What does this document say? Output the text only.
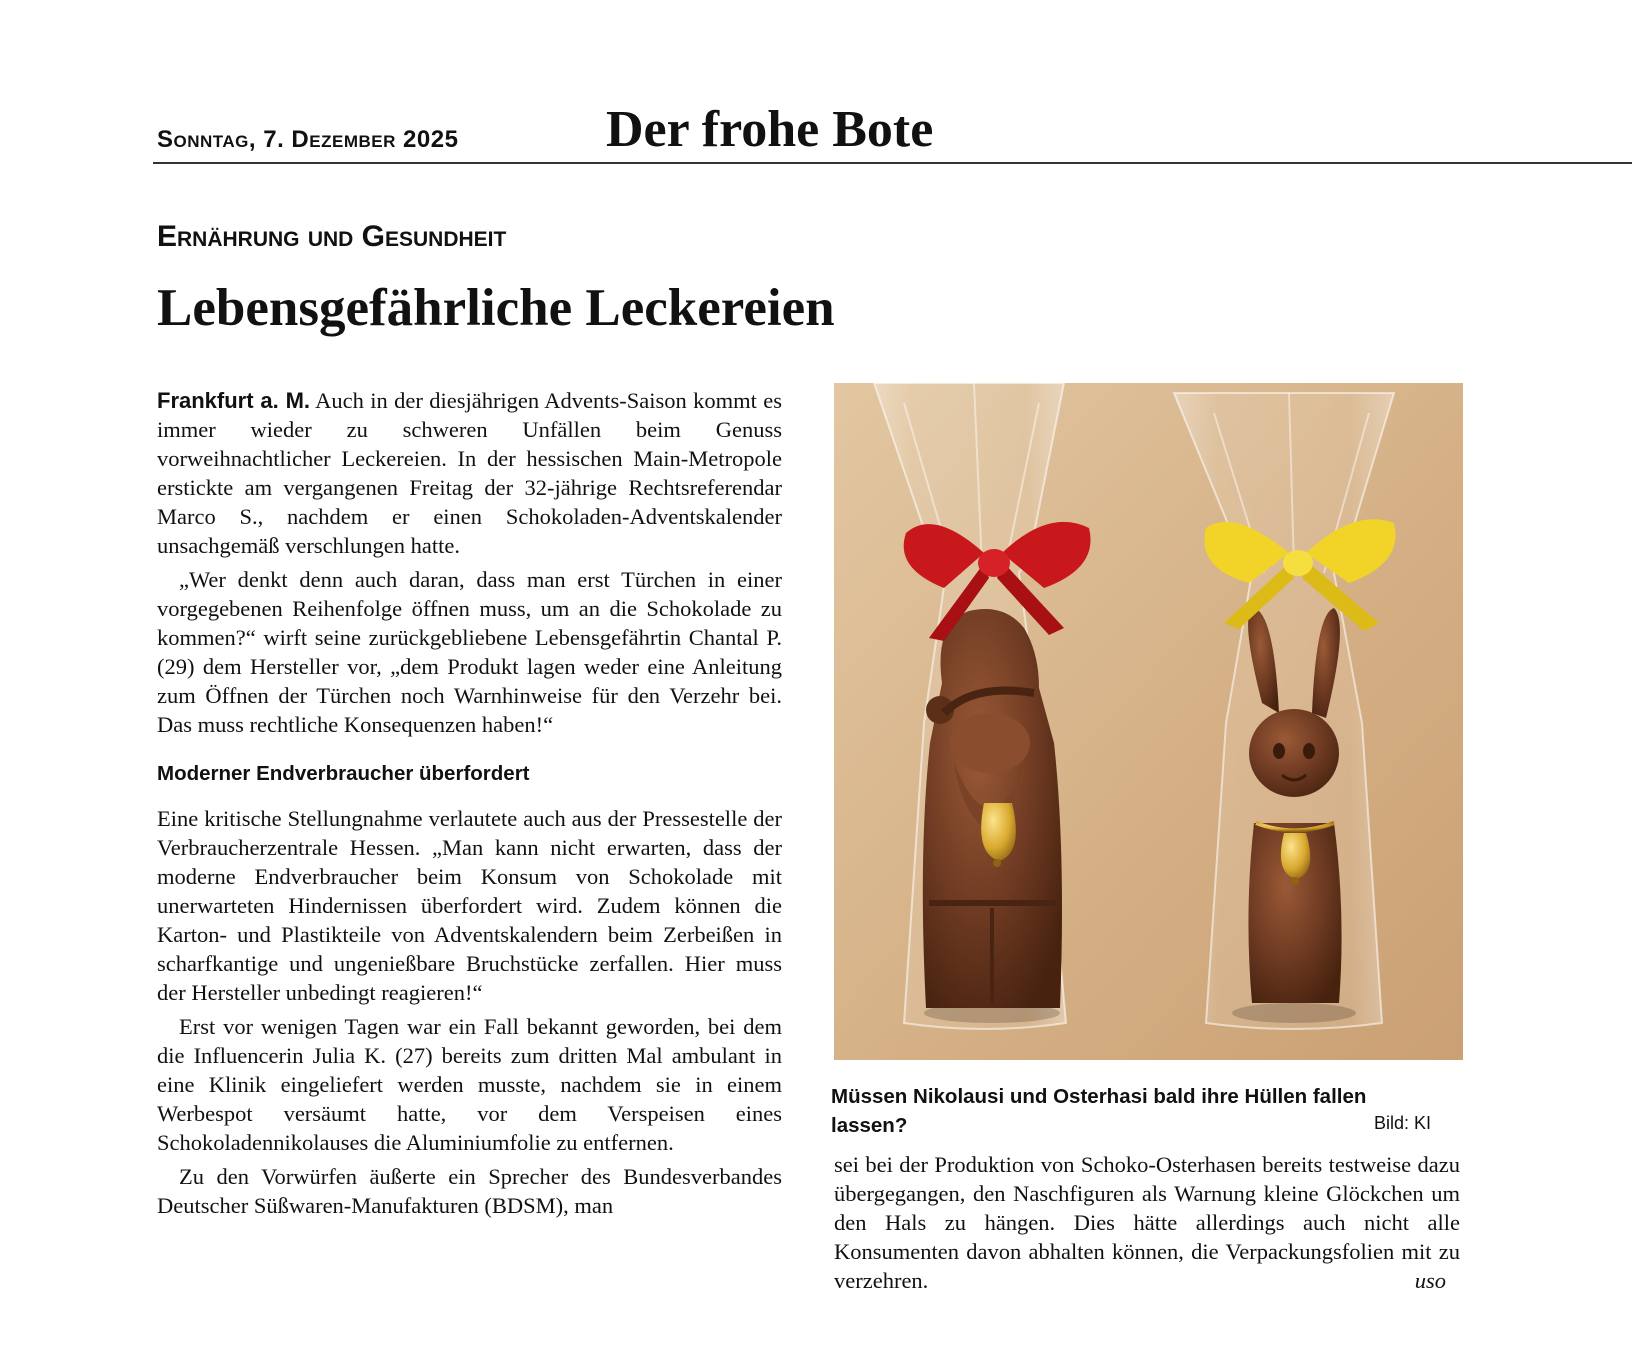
Sonntag, 7. Dezember 2025	Der frohe Bote
Ernährung und Gesundheit
Lebensgefährliche Leckereien

Frankfurt a. M. Auch in der diesjährigen Advents-Saison kommt es immer wieder zu schweren Unfällen beim Genuss vorweihnachtlicher Leckereien. In der hessischen Main-Metropole erstickte am vergangenen Freitag der 32-jährige Rechtsreferendar Marco S., nachdem er einen Schokoladen-Adventskalender unsachgemäß verschlungen hatte.

„Wer denkt denn auch daran, dass man erst Türchen in einer vorgegebenen Reihenfolge öffnen muss, um an die Schokolade zu kommen?“ wirft seine zurückgebliebene Lebensgefährtin Chantal P. (29) dem Hersteller vor, „dem Produkt lagen weder eine Anleitung zum Öffnen der Türchen noch Warnhinweise für den Verzehr bei. Das muss rechtliche Konsequenzen haben!“

Moderner Endverbraucher überfordert

Eine kritische Stellungnahme verlautete auch aus der Pressestelle der Verbraucherzentrale Hessen. „Man kann nicht erwarten, dass der moderne Endverbraucher beim Konsum von Schokolade mit unerwarteten Hindernissen überfordert wird. Zudem können die Karton- und Plastikteile von Adventskalendern beim Zerbeißen in scharfkantige und ungenießbare Bruchstücke zerfallen. Hier muss der Hersteller unbedingt reagieren!“

Erst vor wenigen Tagen war ein Fall bekannt geworden, bei dem die Influencerin Julia K. (27) bereits zum dritten Mal ambulant in eine Klinik eingeliefert werden musste, nachdem sie in einem Werbespot versäumt hatte, vor dem Verspeisen eines Schokoladennikolauses die Aluminiumfolie zu entfernen.

Zu den Vorwürfen äußerte ein Sprecher des Bundesverbandes Deutscher Süßwaren-Manufakturen (BDSM), man

Müssen Nikolausi und Osterhasi bald ihre Hüllen fallen lassen?	Bild: KI

sei bei der Produktion von Schoko-Osterhasen bereits testweise dazu übergegangen, den Naschfiguren als Warnung kleine Glöckchen um den Hals zu hängen. Dies hätte allerdings auch nicht alle Konsumenten davon abhalten können, die Verpackungsfolien mit zu verzehren.	uso
